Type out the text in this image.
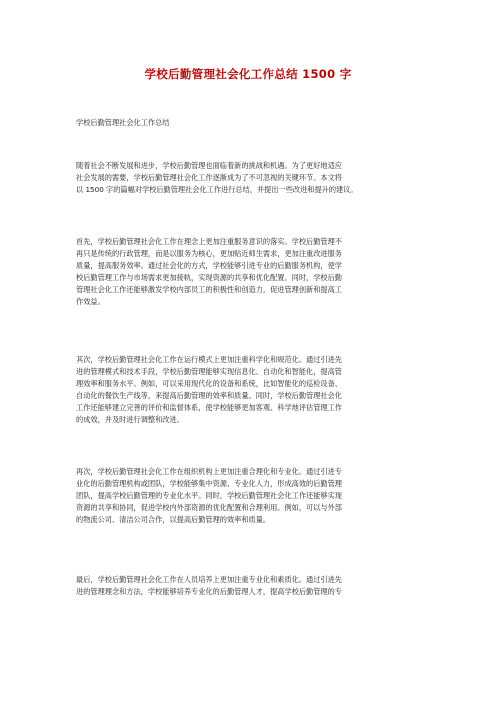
学校后勤管理社会化工作总结 1500 字
学校后勤管理社会化工作总结
随着社会不断发展和进步，学校后勤管理也面临着新的挑战和机遇。为了更好地适应
社会发展的需要，学校后勤管理社会化工作逐渐成为了不可忽视的关键环节。本文将
以 1500 字的篇幅对学校后勤管理社会化工作进行总结，并提出一些改进和提升的建议。
首先，学校后勤管理社会化工作在理念上更加注重服务意识的落实。学校后勤管理不
再只是传统的行政管理，而是以服务为核心，更加贴近师生需求，更加注重改进服务
质量，提高服务效率。通过社会化的方式，学校能够引进专业的后勤服务机构，使学
校后勤管理工作与市场需求更加接轨，实现资源的共享和优化配置。同时，学校后勤
管理社会化工作还能够激发学校内部员工的积极性和创造力，促进管理创新和提高工
作效益。
其次，学校后勤管理社会化工作在运行模式上更加注重科学化和规范化。通过引进先
进的管理模式和技术手段，学校后勤管理能够实现信息化、自动化和智能化，提高管
理效率和服务水平。例如，可以采用现代化的设备和系统，比如智能化的巡检设备、
自动化的餐饮生产线等，来提高后勤管理的效率和质量。同时，学校后勤管理社会化
工作还能够建立完善的评价和监督体系，使学校能够更加客观、科学地评估管理工作
的成效，并及时进行调整和改进。
再次，学校后勤管理社会化工作在组织机构上更加注重合理化和专业化。通过引进专
业化的后勤管理机构或团队，学校能够集中资源、专业化人力，形成高效的后勤管理
团队，提高学校后勤管理的专业化水平。同时，学校后勤管理社会化工作还能够实现
资源的共享和协同，促进学校内外部资源的优化配置和合理利用。例如，可以与外部
的物流公司、清洁公司合作，以提高后勤管理的效率和质量。
最后，学校后勤管理社会化工作在人员培养上更加注重专业化和素质化。通过引进先
进的管理理念和方法，学校能够培养专业化的后勤管理人才，提高学校后勤管理的专
